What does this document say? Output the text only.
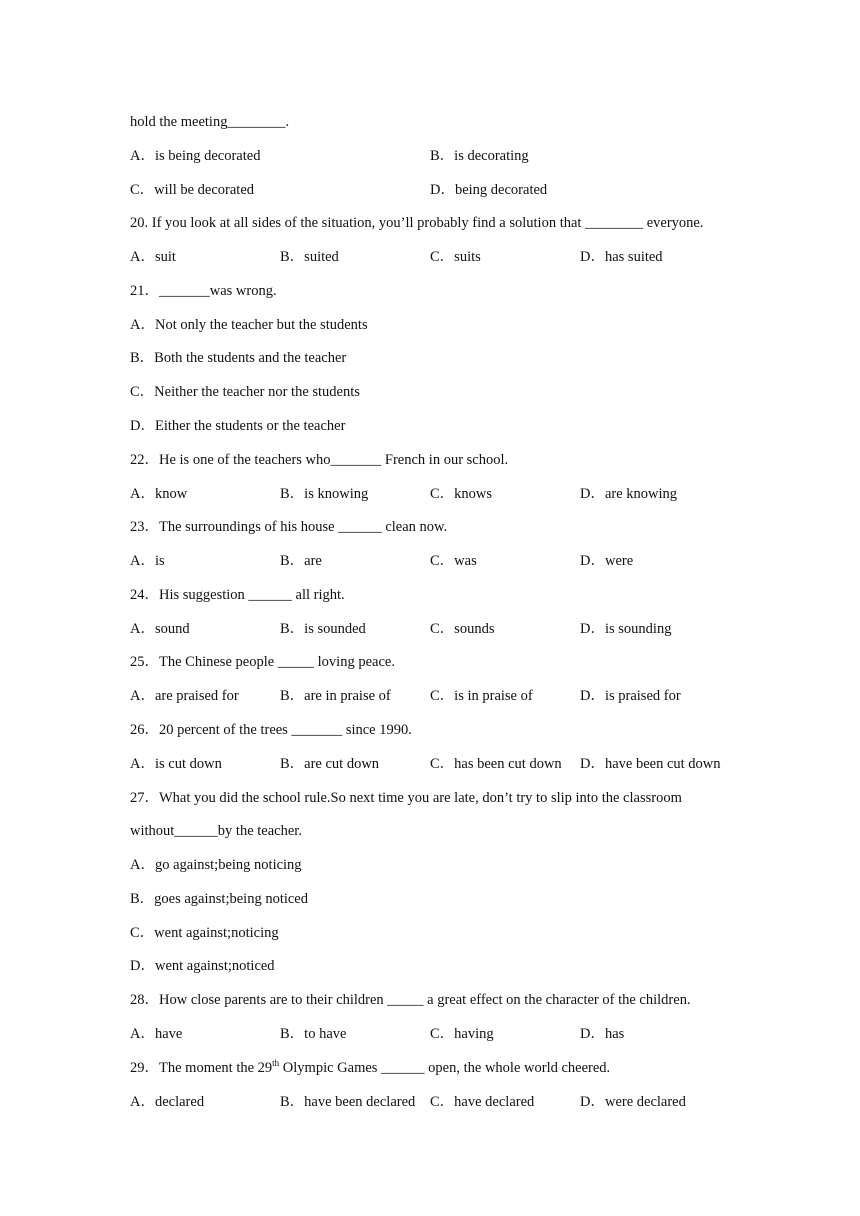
hold the meeting________.
A．is being decorated	B．is decorating
C．will be decorated	D．being decorated
20. If you look at all sides of the situation, you’ll probably find a solution that ________ everyone.
A．suit	B．suited	C．suits	D．has suited
21．_______was wrong.
A．Not only the teacher but the students
B．Both the students and the teacher
C．Neither the teacher nor the students
D．Either the students or the teacher
22．He is one of the teachers who_______ French in our school.
A．know	B．is knowing	C．knows	D．are knowing
23．The surroundings of his house ______ clean now.
A．is	B．are	C．was	D．were
24．His suggestion ______ all right.
A．sound	B．is sounded	C．sounds	D．is sounding
25．The Chinese people _____ loving peace.
A．are praised for	B．are in praise of	C．is in praise of	D．is praised for
26．20 percent of the trees _______ since 1990.
A．is cut down	B．are cut down	C．has been cut down D．have been cut down
27．What you did the school rule.So next time you are late, don’t try to slip into the classroom
without______by the teacher.
A．go against;being noticing
B．goes against;being noticed
C．went against;noticing
D．went against;noticed
28．How close parents are to their children _____ a great effect on the character of the children.
A．have	B．to have	C．having	D．has
29．The moment the 29th Olympic Games ______ open, the whole world cheered.
A．declared	B．have been declared C．have declared	D．were declared
